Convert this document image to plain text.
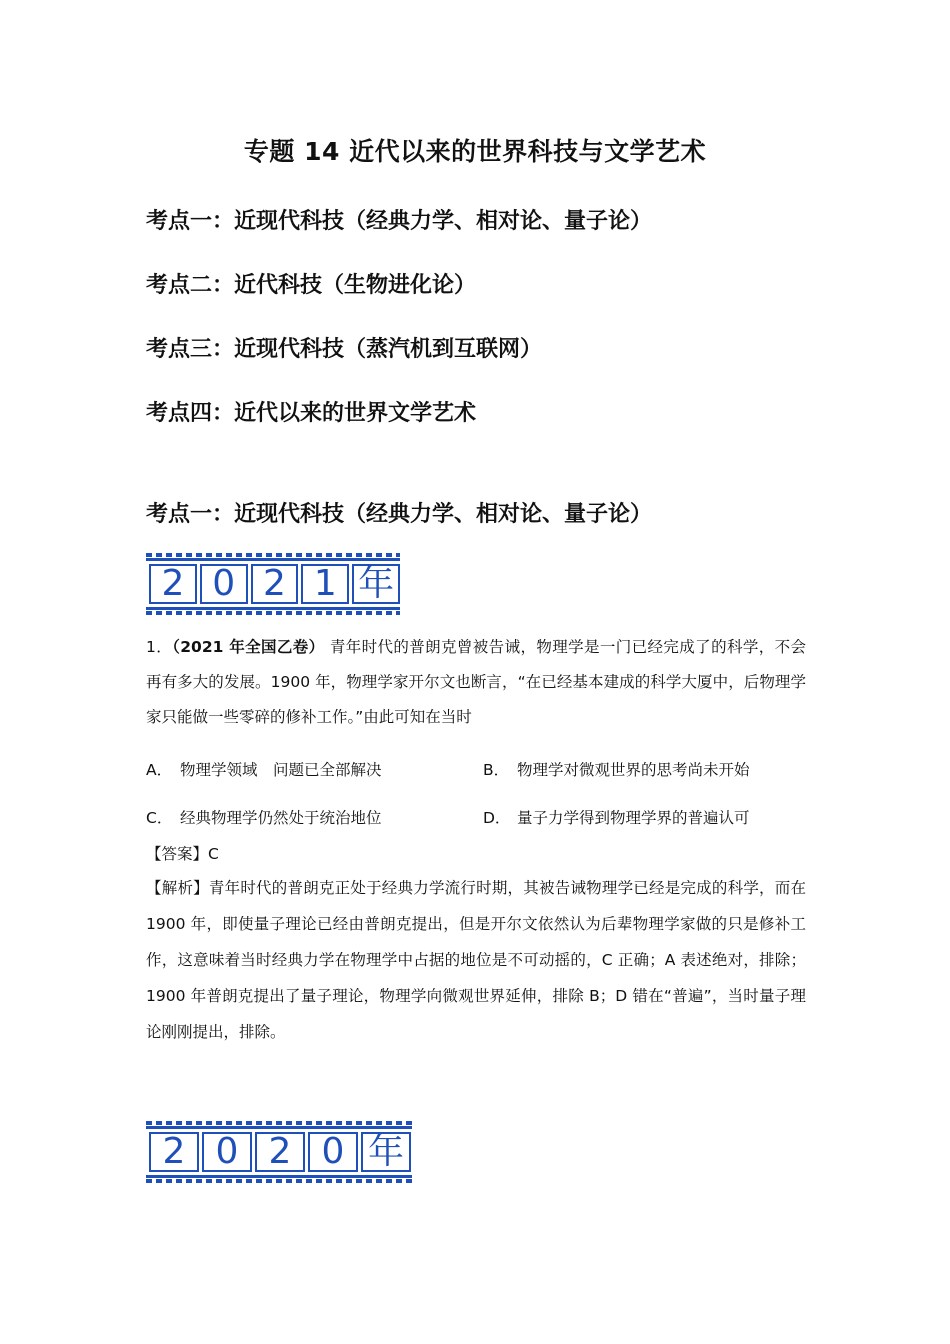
专题 14 近代以来的世界科技与文学艺术
考点一：近现代科技（经典力学、相对论、量子论）
考点二：近代科技（生物进化论）
考点三：近现代科技（蒸汽机到互联网）
考点四：近代以来的世界文学艺术
考点一：近现代科技（经典力学、相对论、量子论）
2 0 2 1 年
1．（2021 年全国乙卷） 青年时代的普朗克曾被告诫，物理学是一门已经完成了的科学，不会再有多大的发展。1900 年，物理学家开尔文也断言，“在已经基本建成的科学大厦中，后物理学家只能做一些零碎的修补工作。”由此可知在当时
A． 物理学领域　问题已全部解决	B． 物理学对微观世界的思考尚未开始
C． 经典物理学仍然处于统治地位	D． 量子力学得到物理学界的普遍认可
【答案】C
【解析】青年时代的普朗克正处于经典力学流行时期，其被告诫物理学已经是完成的科学，而在 1900 年，即使量子理论已经由普朗克提出，但是开尔文依然认为后辈物理学家做的只是修补工作，这意味着当时经典力学在物理学中占据的地位是不可动摇的，C 正确；A 表述绝对，排除；1900 年普朗克提出了量子理论，物理学向微观世界延伸，排除 B；D 错在“普遍”，当时量子理论刚刚提出，排除。
2 0 2 0 年
